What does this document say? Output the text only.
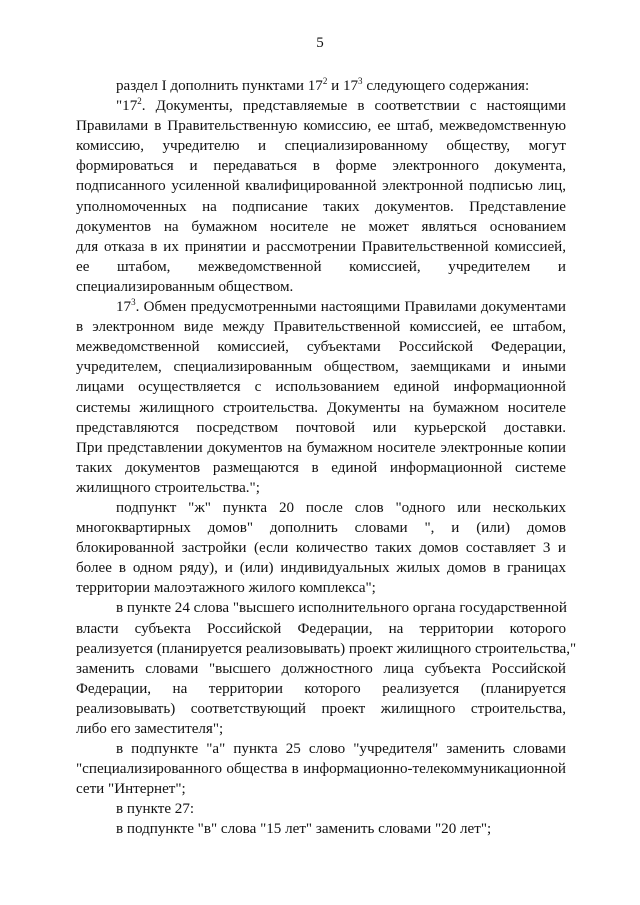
5
раздел I дополнить пунктами $17^2$ и $17^3$ следующего содержания:
"$17^2$. Документы, представляемые в соответствии с настоящими
Правилами в Правительственную комиссию, ее штаб, межведомственную
комиссию, учредителю и специализированному обществу, могут
формироваться и передаваться в форме электронного документа,
подписанного усиленной квалифицированной электронной подписью лиц,
уполномоченных на подписание таких документов. Представление
документов на бумажном носителе не может являться основанием
для отказа в их принятии и рассмотрении Правительственной комиссией,
ее штабом, межведомственной комиссией, учредителем и
специализированным обществом.
$17^3$. Обмен предусмотренными настоящими Правилами документами
в электронном виде между Правительственной комиссией, ее штабом,
межведомственной комиссией, субъектами Российской Федерации,
учредителем, специализированным обществом, заемщиками и иными
лицами осуществляется с использованием единой информационной
системы жилищного строительства. Документы на бумажном носителе
представляются посредством почтовой или курьерской доставки.
При представлении документов на бумажном носителе электронные копии
таких документов размещаются в единой информационной системе
жилищного строительства.";
подпункт "ж" пункта 20 после слов "одного или нескольких
многоквартирных домов" дополнить словами ", и (или) домов
блокированной застройки (если количество таких домов составляет 3 и
более в одном ряду), и (или) индивидуальных жилых домов в границах
территории малоэтажного жилого комплекса";
в пункте 24 слова "высшего исполнительного органа государственной
власти субъекта Российской Федерации, на территории которого
реализуется (планируется реализовывать) проект жилищного строительства,"
заменить словами "высшего должностного лица субъекта Российской
Федерации, на территории которого реализуется (планируется
реализовывать) соответствующий проект жилищного строительства,
либо его заместителя";
в подпункте "а" пункта 25 слово "учредителя" заменить словами
"специализированного общества в информационно-телекоммуникационной
сети "Интернет";
в пункте 27:
в подпункте "в" слова "15 лет" заменить словами "20 лет";
